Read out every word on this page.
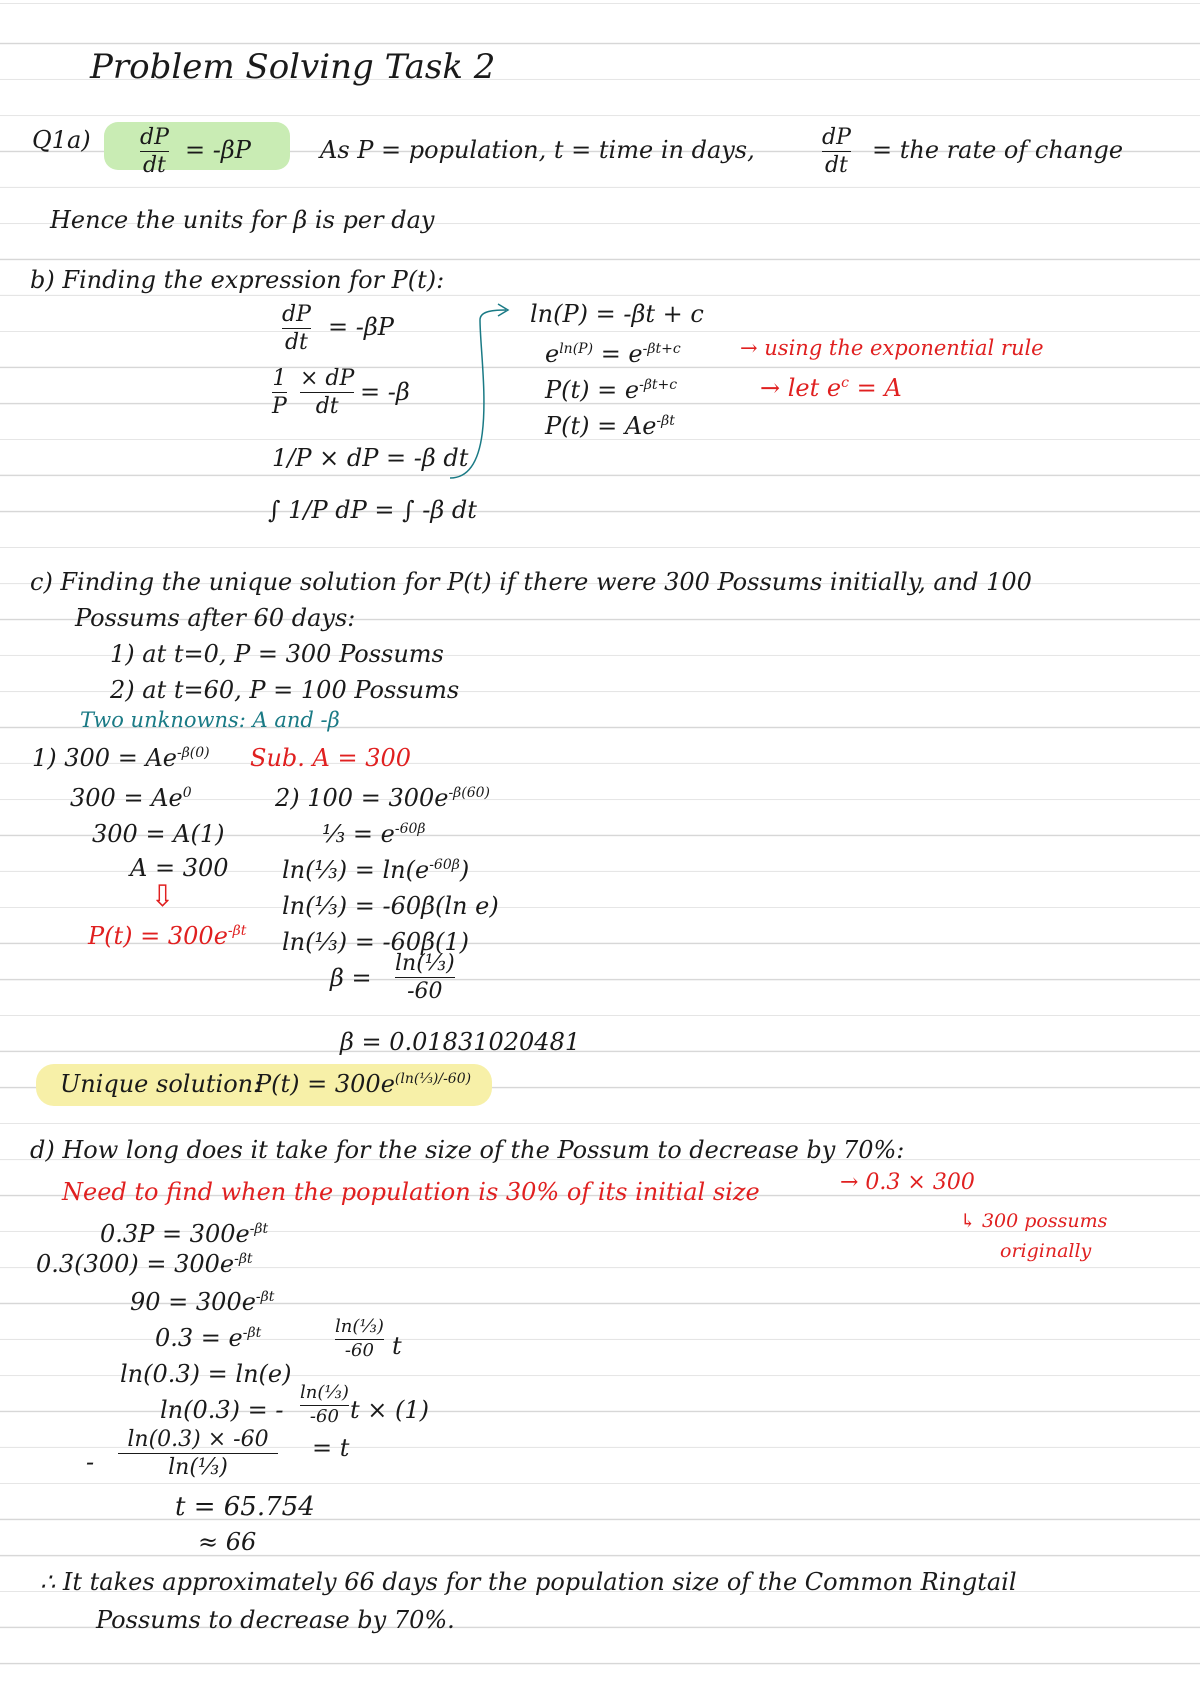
Problem Solving Task 2
Q1a) dP
dt
= -βP	As P = population, t = time in days,	dP
dt
= the rate of change
Hence the units for β is per day
b) Finding the expression for P(t):
dP
dt
= -βP
1
P
× dP
dt
= -β
1/P × dP = -β dt
∫ 1/P dP = ∫ -β dt
ln(P) = -βt + c
$e^{ln(P)} = e^{-\beta t+c}$	→ using the exponential rule
$P(t) = e^{-\beta t+c}$	→ let $e^c = A$
$P(t) = Ae^{-\beta t}$
c) Finding the unique solution for P(t) if there were 300 Possums initially, and 100
Possums after 60 days:
1) at t=0, P = 300 Possums
2) at t=60, P = 100 Possums
Two unknowns: A and -β
1) $300 = Ae^{-\beta(0)}$
$300 = Ae^0$
300 = A(1)
A = 300
⇩
$P(t) = 300e^{-\beta t}$
Sub. A = 300
2) $100 = 300e^{-\beta(60)}$
⅓ = $e^{-60\beta}$
ln(⅓) = $\ln(e^{-60\beta})$
ln(⅓) = -60β(ln e)
ln(⅓) = -60β(1)
β =
ln(⅓)
-60
β = 0.01831020481
Unique solution:
$P(t) = 300e^{(ln(\frac{1}{3})/-60)}$
d) How long does it take for the size of the Possum to decrease by 70%:
Need to find when the population is 30% of its initial size	→ 0.3 × 300
↳ 300 possums
originally
$0.3P = 300e^{-\beta t}$
$0.3(300) = 300e^{-\beta t}$
$90 = 300e^{-\beta t}$
$0.3 = e^{-\beta t}$	ln(⅓)
-60 t
ln(0.3) = ln(e)
ln(0.3) = -
ln(⅓)
-60 t × (1)
-
ln(0.3) × -60
ln(⅓)
= t
t = 65.754
≈ 66
∴ It takes approximately 66 days for the population size of the Common Ringtail
Possums to decrease by 70%.
